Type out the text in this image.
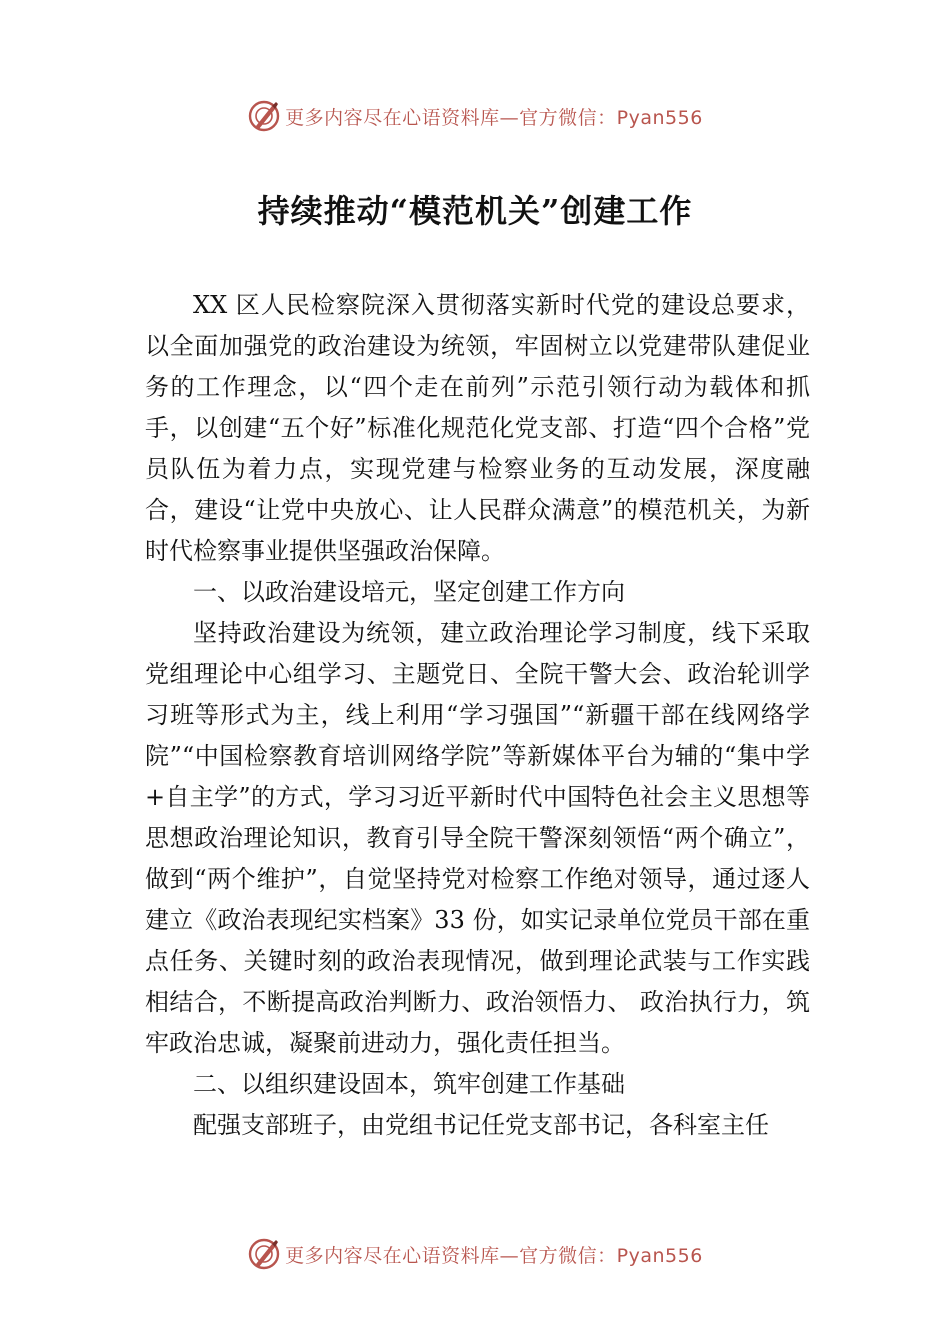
更多内容尽在心语资料库—官方微信：Pyan556
持续推动“模范机关”创建工作

XX 区人民检察院深入贯彻落实新时代党的建设总要求，以全面加强党的政治建设为统领，牢固树立以党建带队建促业务的工作理念，以“四个走在前列”示范引领行动为载体和抓手，以创建“五个好”标准化规范化党支部、打造“四个合格”党员队伍为着力点，实现党建与检察业务的互动发展，深度融合，建设“让党中央放心、让人民群众满意”的模范机关，为新时代检察事业提供坚强政治保障。

一、以政治建设培元，坚定创建工作方向

坚持政治建设为统领，建立政治理论学习制度，线下采取党组理论中心组学习、主题党日、全院干警大会、政治轮训学习班等形式为主，线上利用“学习强国”“新疆干部在线网络学院”“中国检察教育培训网络学院”等新媒体平台为辅的“集中学+自主学”的方式，学习习近平新时代中国特色社会主义思想等思想政治理论知识，教育引导全院干警深刻领悟“两个确立”，做到“两个维护”，自觉坚持党对检察工作绝对领导，通过逐人建立《政治表现纪实档案》33 份，如实记录单位党员干部在重点任务、关键时刻的政治表现情况，做到理论武装与工作实践相结合，不断提高政治判断力、政治领悟力、 政治执行力，筑牢政治忠诚，凝聚前进动力，强化责任担当。

二、以组织建设固本，筑牢创建工作基础

配强支部班子，由党组书记任党支部书记，各科室主任

更多内容尽在心语资料库—官方微信：Pyan556
